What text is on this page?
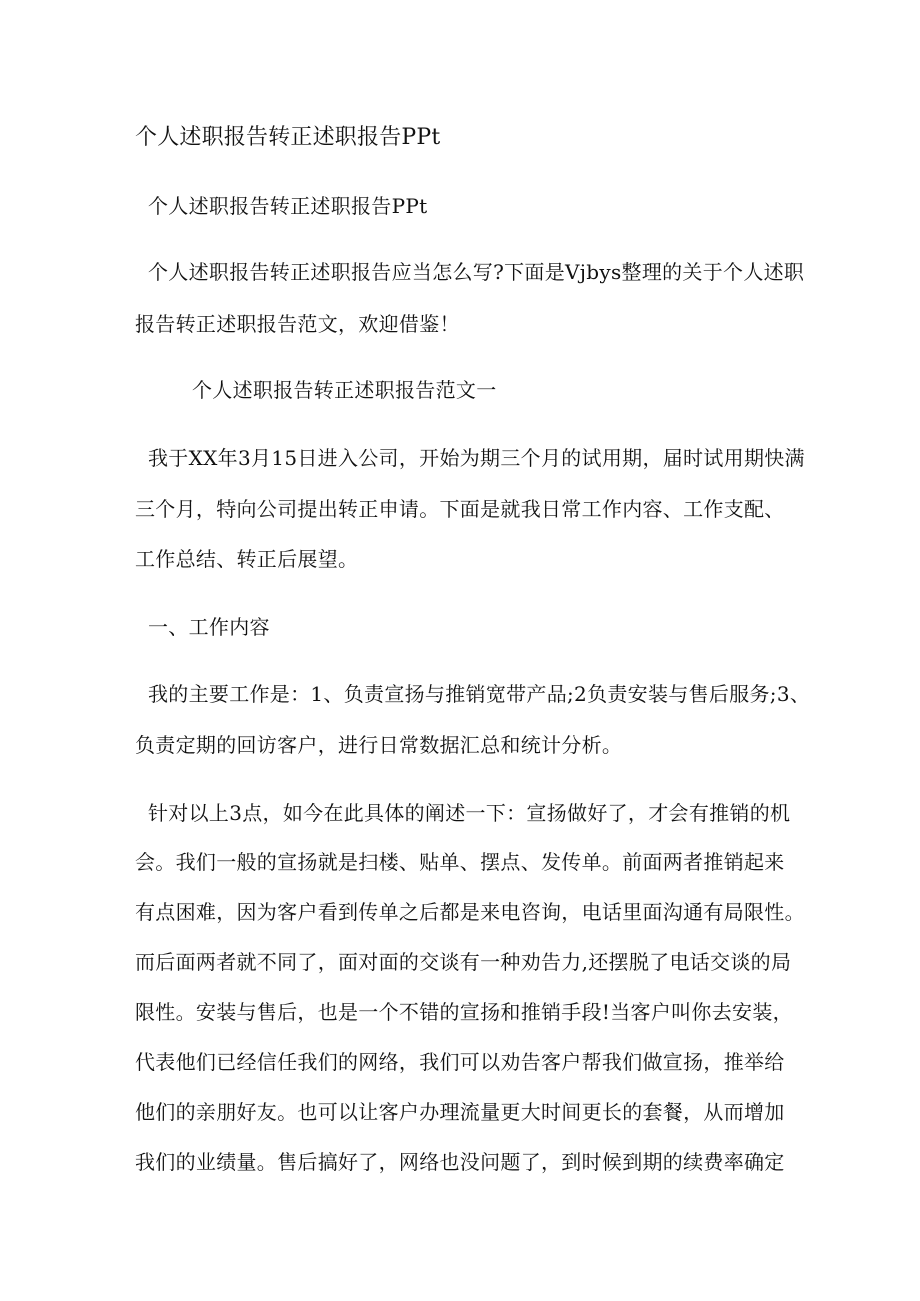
个人述职报告转正述职报告PPt
个人述职报告转正述职报告PPt
个人述职报告转正述职报告应当怎么写?下面是Vjbys整理的关于个人述职
报告转正述职报告范文，欢迎借鉴！
个人述职报告转正述职报告范文一
我于XX年3月15日进入公司，开始为期三个月的试用期，届时试用期快满
三个月，特向公司提出转正申请。下面是就我日常工作内容、工作支配、
工作总结、转正后展望。
一、工作内容
我的主要工作是：1、负责宣扬与推销宽带产品;2负责安装与售后服务;3、
负责定期的回访客户，进行日常数据汇总和统计分析。
针对以上3点，如今在此具体的阐述一下：宣扬做好了，才会有推销的机
会。我们一般的宣扬就是扫楼、贴单、摆点、发传单。前面两者推销起来
有点困难，因为客户看到传单之后都是来电咨询，电话里面沟通有局限性。
而后面两者就不同了，面对面的交谈有一种劝告力,还摆脱了电话交谈的局
限性。安装与售后，也是一个不错的宣扬和推销手段!当客户叫你去安装，
代表他们已经信任我们的网络，我们可以劝告客户帮我们做宣扬，推举给
他们的亲朋好友。也可以让客户办理流量更大时间更长的套餐，从而增加
我们的业绩量。售后搞好了，网络也没问题了，到时候到期的续费率确定
